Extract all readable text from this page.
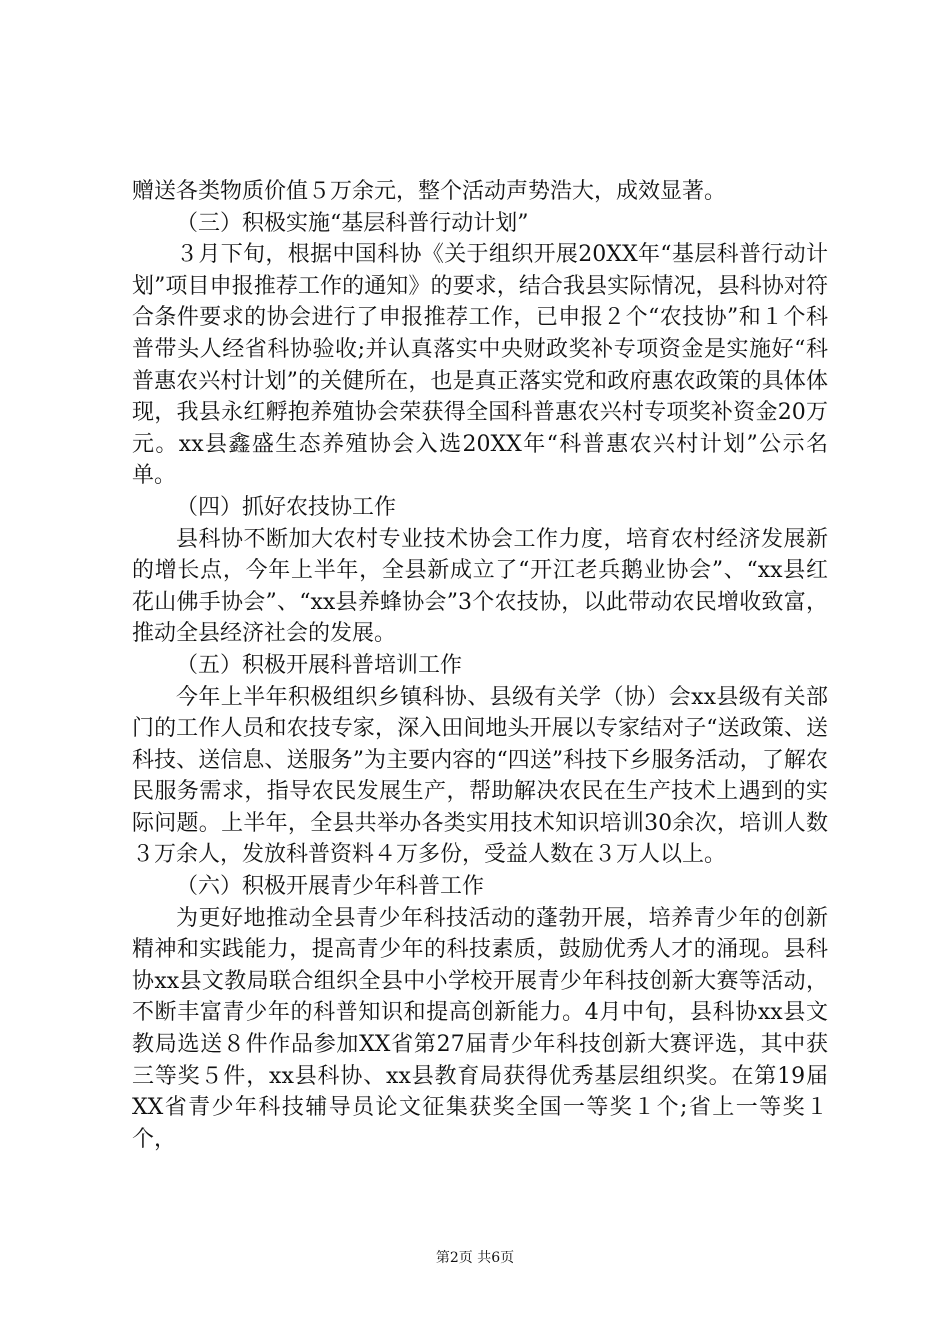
赠送各类物质价值５万余元，整个活动声势浩大，成效显著。

（三）积极实施“基层科普行动计划”

３月下旬，根据中国科协《关于组织开展20XX年“基层科普行动计划”项目申报推荐工作的通知》的要求，结合我县实际情况，县科协对符合条件要求的协会进行了申报推荐工作，已申报２个“农技协”和１个科普带头人经省科协验收;并认真落实中央财政奖补专项资金是实施好“科普惠农兴村计划”的关健所在，也是真正落实党和政府惠农政策的具体体现，我县永红孵抱养殖协会荣获得全国科普惠农兴村专项奖补资金20万元。xx县鑫盛生态养殖协会入选20XX年“科普惠农兴村计划”公示名单。

（四）抓好农技协工作

县科协不断加大农村专业技术协会工作力度，培育农村经济发展新的增长点，今年上半年，全县新成立了“开江老兵鹅业协会”、“xx县红花山佛手协会”、“xx县养蜂协会”3个农技协，以此带动农民增收致富，推动全县经济社会的发展。

（五）积极开展科普培训工作

今年上半年积极组织乡镇科协、县级有关学（协）会xx县级有关部门的工作人员和农技专家，深入田间地头开展以专家结对子“送政策、送科技、送信息、送服务”为主要内容的“四送”科技下乡服务活动，了解农民服务需求，指导农民发展生产，帮助解决农民在生产技术上遇到的实际问题。上半年，全县共举办各类实用技术知识培训30余次，培训人数３万余人，发放科普资料４万多份，受益人数在３万人以上。

（六）积极开展青少年科普工作

为更好地推动全县青少年科技活动的蓬勃开展，培养青少年的创新精神和实践能力，提高青少年的科技素质，鼓励优秀人才的涌现。县科协xx县文教局联合组织全县中小学校开展青少年科技创新大赛等活动，不断丰富青少年的科普知识和提高创新能力。4月中旬，县科协xx县文教局选送８件作品参加XX省第27届青少年科技创新大赛评选，其中获三等奖５件，xx县科协、xx县教育局获得优秀基层组织奖。在第19届XX省青少年科技辅导员论文征集获奖全国一等奖１个;省上一等奖１个，

第2页 共6页
